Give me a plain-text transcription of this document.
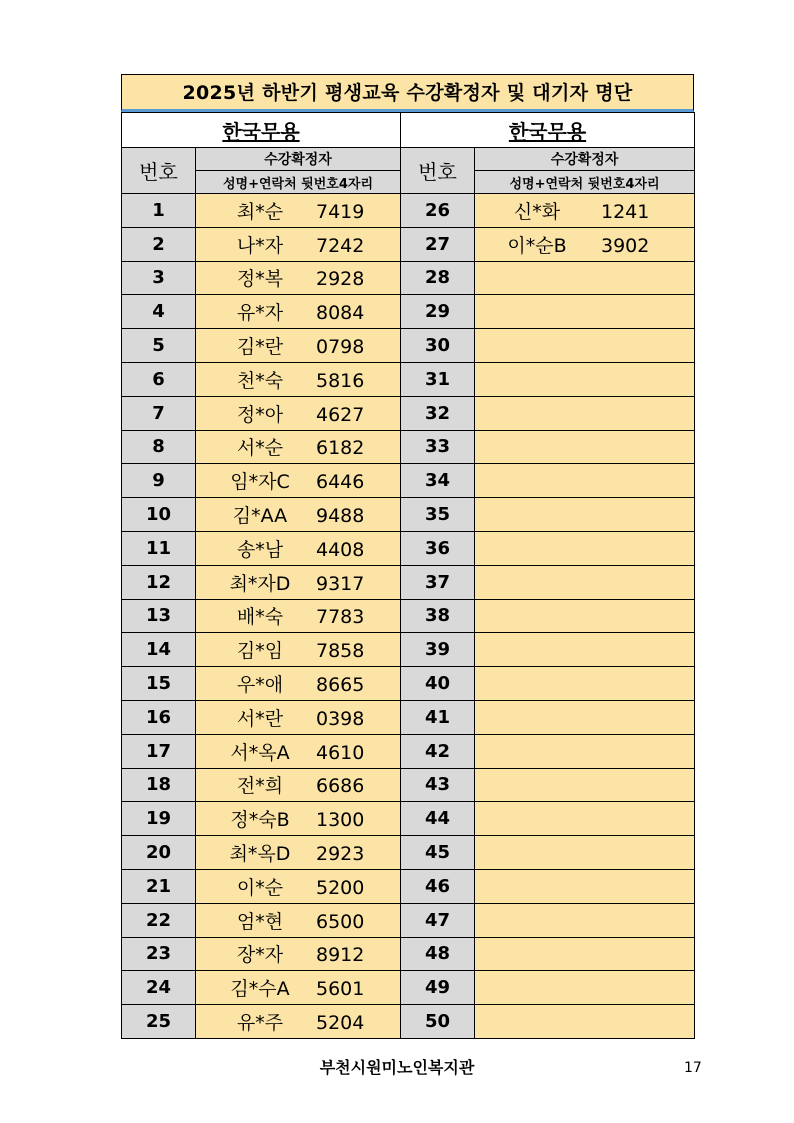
2025년 하반기 평생교육 수강확정자 및 대기자 명단
한국무용		한국무용	
번호	수강확정자	번호	수강확정자
	성명+연락처 뒷번호4자리		성명+연락처 뒷번호4자리
1	최*순 7419	26	신*화 1241
2	나*자 7242	27	이*순B 3902
3	정*복 2928	28	
4	유*자 8084	29	
5	김*란 0798	30	
6	천*숙 5816	31	
7	정*아 4627	32	
8	서*순 6182	33	
9	임*자C 6446	34	
10	김*AA 9488	35	
11	송*남 4408	36	
12	최*자D 9317	37	
13	배*숙 7783	38	
14	김*임 7858	39	
15	우*애 8665	40	
16	서*란 0398	41	
17	서*옥A 4610	42	
18	전*희 6686	43	
19	정*숙B 1300	44	
20	최*옥D 2923	45	
21	이*순 5200	46	
22	엄*현 6500	47	
23	장*자 8912	48	
24	김*수A 5601	49	
25	유*주 5204	50	
부천시원미노인복지관	17
